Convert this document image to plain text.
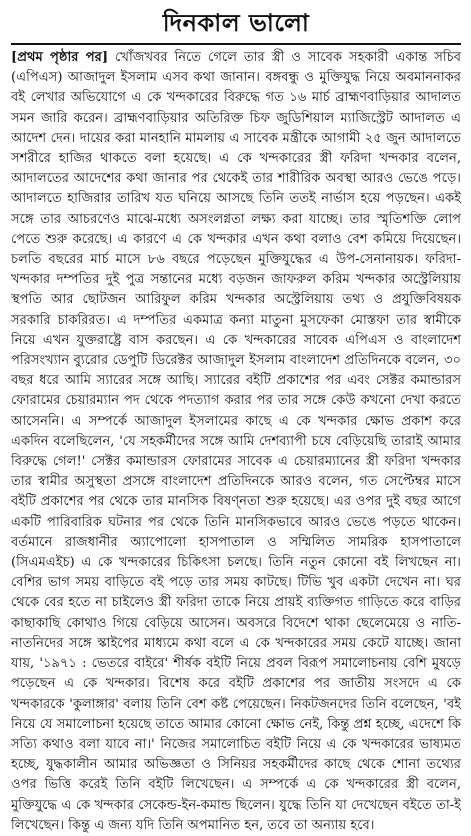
দিনকাল ভালো

[প্রথম পৃষ্ঠার পর] খোঁজখবর নিতে গেলে তার স্ত্রী ও সাবেক সহকারী একান্ত সচিব (এপিএস) আজাদুল ইসলাম এসব কথা জানান। বঙ্গবন্ধু ও মুক্তিযুদ্ধ নিয়ে অবমাননাকর বই লেখার অভিযোগে এ কে খন্দকারের বিরুদ্ধে গত ১৬ মার্চ ব্রাহ্মণবাড়িয়ার আদালত সমন জারি করেন। ব্রাহ্মণবাড়িয়ার অতিরিক্ত চিফ জুডিশিয়াল ম্যাজিস্ট্রেট আদালত এ আদেশ দেন। দায়ের করা মানহানি মামলায় এ সাবেক মন্ত্রীকে আগামী ২৫ জুন আদালতে সশরীরে হাজির থাকতে বলা হয়েছে। এ কে খন্দকারের স্ত্রী ফরিদা খন্দকার বলেন, আদালতের আদেশের কথা জানার পর থেকেই তার শারীরিক অবস্থা আরও ভেঙে পড়ে। আদালতে হাজিরার তারিখ যত ঘনিয়ে আসছে তিনি ততই নার্ভাস হয়ে পড়ছেন। একই সঙ্গে তার আচরণেও মাঝে-মধ্যে অসংলগ্নতা লক্ষ্য করা যাচ্ছে। তার স্মৃতিশক্তি লোপ পেতে শুরু করেছে। এ কারণে এ কে খন্দকার এখন কথা বলাও বেশ কমিয়ে দিয়েছেন। চলতি বছরের মার্চ মাসে ৮৬ বছরে পড়েছেন মুক্তিযুদ্ধের এ উপ-সেনানায়ক। ফরিদা-খন্দকার দম্পতির দুই পুত্র সন্তানের মধ্যে বড়জন জাফরুল করিম খন্দকার অস্ট্রেলিয়ায় স্থপতি আর ছোটজন আরিফুল করিম খন্দকার অস্ট্রেলিয়ায় তথ্য ও প্রযুক্তিবিষয়ক সরকারি চাকরিরত। এ দম্পতির একমাত্র কন্যা মাতুনা মুসফেকা মোস্তফা তার স্বামীকে নিয়ে এখন যুক্তরাষ্ট্রে বাস করছেন। এ কে খন্দকারের সাবেক এপিএস ও বাংলাদেশ পরিসংখ্যান ব্যুরোর ডেপুটি ডিরেক্টর আজাদুল ইসলাম বাংলাদেশ প্রতিদিনকে বলেন, ৩০ বছর ধরে আমি স্যারের সঙ্গে আছি। স্যারের বইটি প্রকাশের পর এবং সেক্টর কমান্ডারস ফোরামের চেয়ারম্যান পদ থেকে পদত্যাগ করার পর তার সঙ্গে কেউ কখনো দেখা করতে আসেননি। এ সম্পর্কে আজাদুল ইসলামের কাছে এ কে খন্দকার ক্ষোভ প্রকাশ করে একদিন বলেছিলেন, 'যে সহকর্মীদের সঙ্গে আমি দেশব্যাপী চষে বেড়িয়েছি তারাই আমার বিরুদ্ধে গেল!' সেক্টর কমান্ডারস ফোরামের সাবেক এ চেয়ারম্যানের স্ত্রী ফরিদা খন্দকার তার স্বামীর অসুস্থতা প্রসঙ্গে বাংলাদেশ প্রতিদিনকে আরও বলেন, গত সেপ্টেম্বর মাসে বইটি প্রকাশের পর থেকে তার মানসিক বিষণ্নতা শুরু হয়েছে। এর ওপর দুই বছর আগে একটি পারিবারিক ঘটনার পর থেকে তিনি মানসিকভাবে আরও ভেঙে পড়তে থাকেন। বর্তমানে রাজধানীর অ্যাপোলো হাসপাতাল ও সম্মিলিত সামরিক হাসপাতালে (সিএমএইচ) এ কে খন্দকারের চিকিৎসা চলছে। তিনি নতুন কোনো বই লিখছেন না। বেশির ভাগ সময় বাড়িতে বই পড়ে তার সময় কাটছে। টিভি খুব একটা দেখেন না। ঘর থেকে বের হতে না চাইলেও স্ত্রী ফরিদা তাকে নিয়ে প্রায়ই ব্যক্তিগত গাড়িতে করে বাড়ির কাছাকাছি কোথাও গিয়ে বেড়িয়ে আসেন। অবসরে বিদেশে থাকা ছেলেমেয়ে ও নাতি-নাতনিদের সঙ্গে স্কাইপের মাধ্যমে কথা বলে এ কে খন্দকারের সময় কেটে যাচ্ছে। জানা যায়, '১৯৭১ : ভেতরে বাইরে' শীর্ষক বইটি নিয়ে প্রবল বিরূপ সমালোচনায় বেশি মুষড়ে পড়েছেন এ কে খন্দকার। বিশেষ করে বইটি প্রকাশের পর জাতীয় সংসদে এ কে খন্দকারকে 'কুলাঙ্গার' বলায় তিনি বেশ কষ্ট পেয়েছেন। নিকটজনদের তিনি বলেছেন, 'বই নিয়ে যে সমালোচনা হয়েছে তাতে আমার কোনো ক্ষোভ নেই, কিন্তু প্রশ্ন হচ্ছে, এদেশে কি সত্যি কথাও বলা যাবে না।' নিজের সমালোচিত বইটি নিয়ে এ কে খন্দকারের ভাষ্যমত হচ্ছে, যুদ্ধকালীন আমার অভিজ্ঞতা ও সিনিয়র সহকর্মীদের কাছে থেকে শোনা তথ্যের ওপর ভিত্তি করেই তিনি বইটি লিখেছেন। এ সম্পর্কে এ কে খন্দকারের স্ত্রী বলেন, মুক্তিযুদ্ধে এ কে খন্দকার সেকেন্ড-ইন-কমান্ড ছিলেন। যুদ্ধে তিনি যা দেখেছেন বইতে তা-ই লিখেছেন। কিন্তু এ জন্য যদি তিনি অপমানিত হন, তবে তা অন্যায় হবে।
